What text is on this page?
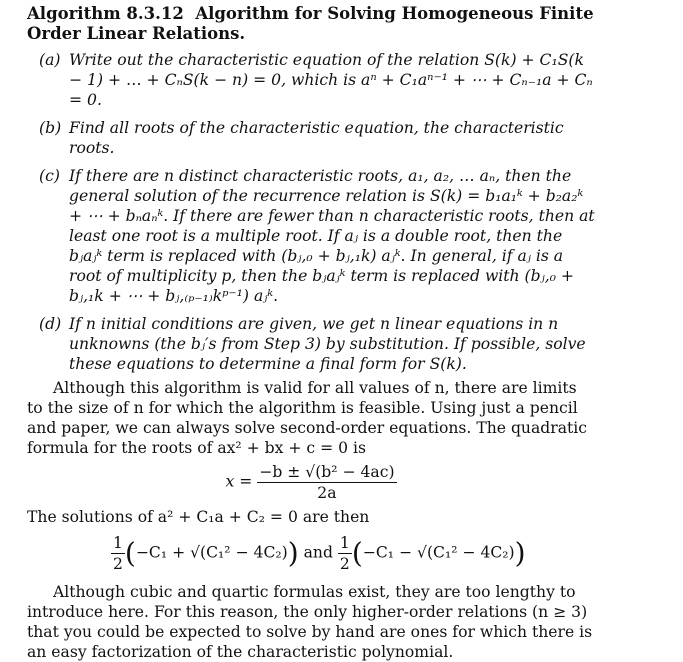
Algorithm 8.3.12 Algorithm for Solving Homogeneous Finite Order Linear Relations.
(a) Write out the characteristic equation of the relation S(k) + C₁S(k − 1) + … + CₙS(k − n) = 0, which is aⁿ + C₁aⁿ⁻¹ + ⋯ + Cₙ₋₁a + Cₙ = 0.
(b) Find all roots of the characteristic equation, the characteristic roots.
(c) If there are n distinct characteristic roots, a₁, a₂, … aₙ, then the general solution of the recurrence relation is S(k) = b₁a₁ᵏ + b₂a₂ᵏ + ⋯ + bₙaₙᵏ. If there are fewer than n characteristic roots, then at least one root is a multiple root. If aⱼ is a double root, then the bⱼaⱼᵏ term is replaced with (bⱼ,₀ + bⱼ,₁k) aⱼᵏ. In general, if aⱼ is a root of multiplicity p, then the bⱼaⱼᵏ term is replaced with (bⱼ,₀ + bⱼ,₁k + ⋯ + bⱼ,₍ₚ₋₁₎kᵖ⁻¹) aⱼᵏ.
(d) If n initial conditions are given, we get n linear equations in n unknowns (the bⱼ′s from Step 3) by substitution. If possible, solve these equations to determine a final form for S(k).

Although this algorithm is valid for all values of n, there are limits to the size of n for which the algorithm is feasible. Using just a pencil and paper, we can always solve second-order equations. The quadratic formula for the roots of ax² + bx + c = 0 is

$x = \frac{\text{−b ± √(b² − 4ac)}}{2a}$

The solutions of a² + C₁a + C₂ = 0 are then

$\frac{1}{2} (-C_1 + √(C_1^2 - 4C_2))$ and $\frac{1}{2} (-C_1 - √(C_1^2 - 4C_2))$

Although cubic and quartic formulas exist, they are too lengthy to introduce here. For this reason, the only higher-order relations (n ≥ 3) that you could be expected to solve by hand are ones for which there is an easy factorization of the characteristic polynomial.
